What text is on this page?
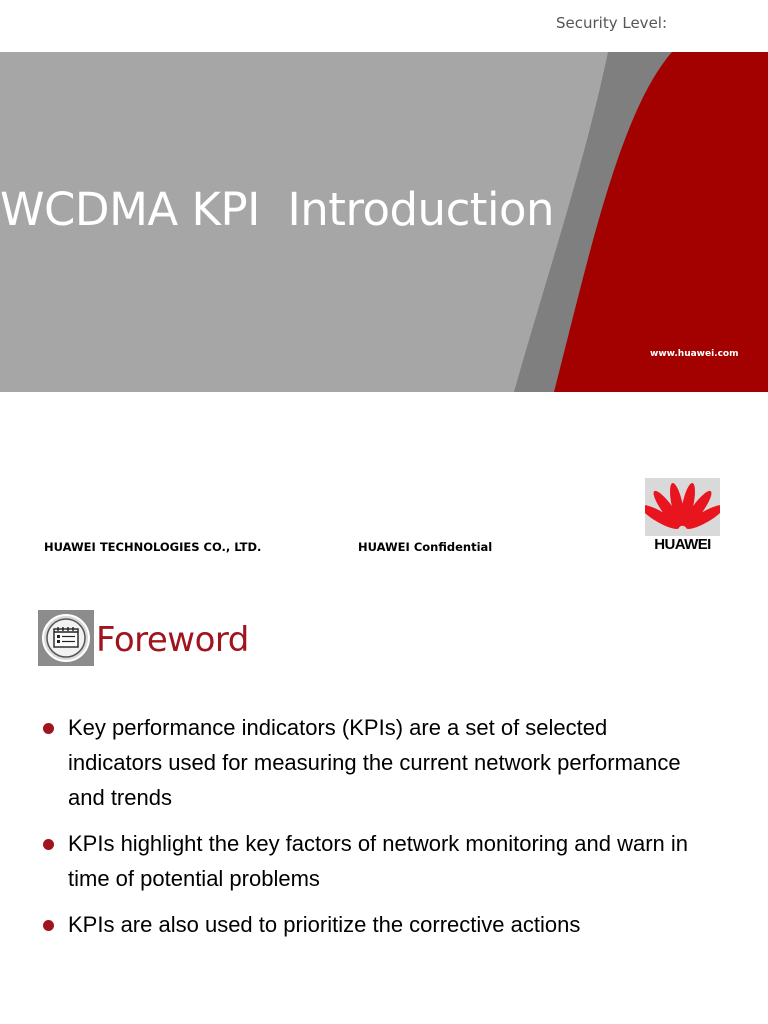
Security Level:
WCDMA KPI  Introduction
www.huawei.com
HUAWEI TECHNOLOGIES CO., LTD.	HUAWEI Confidential	HUAWEI
Foreword
Key performance indicators (KPIs) are a set of selected indicators used for measuring the current network performance and trends
KPIs highlight the key factors of network monitoring and warn in time of potential problems
KPIs are also used to prioritize the corrective actions
